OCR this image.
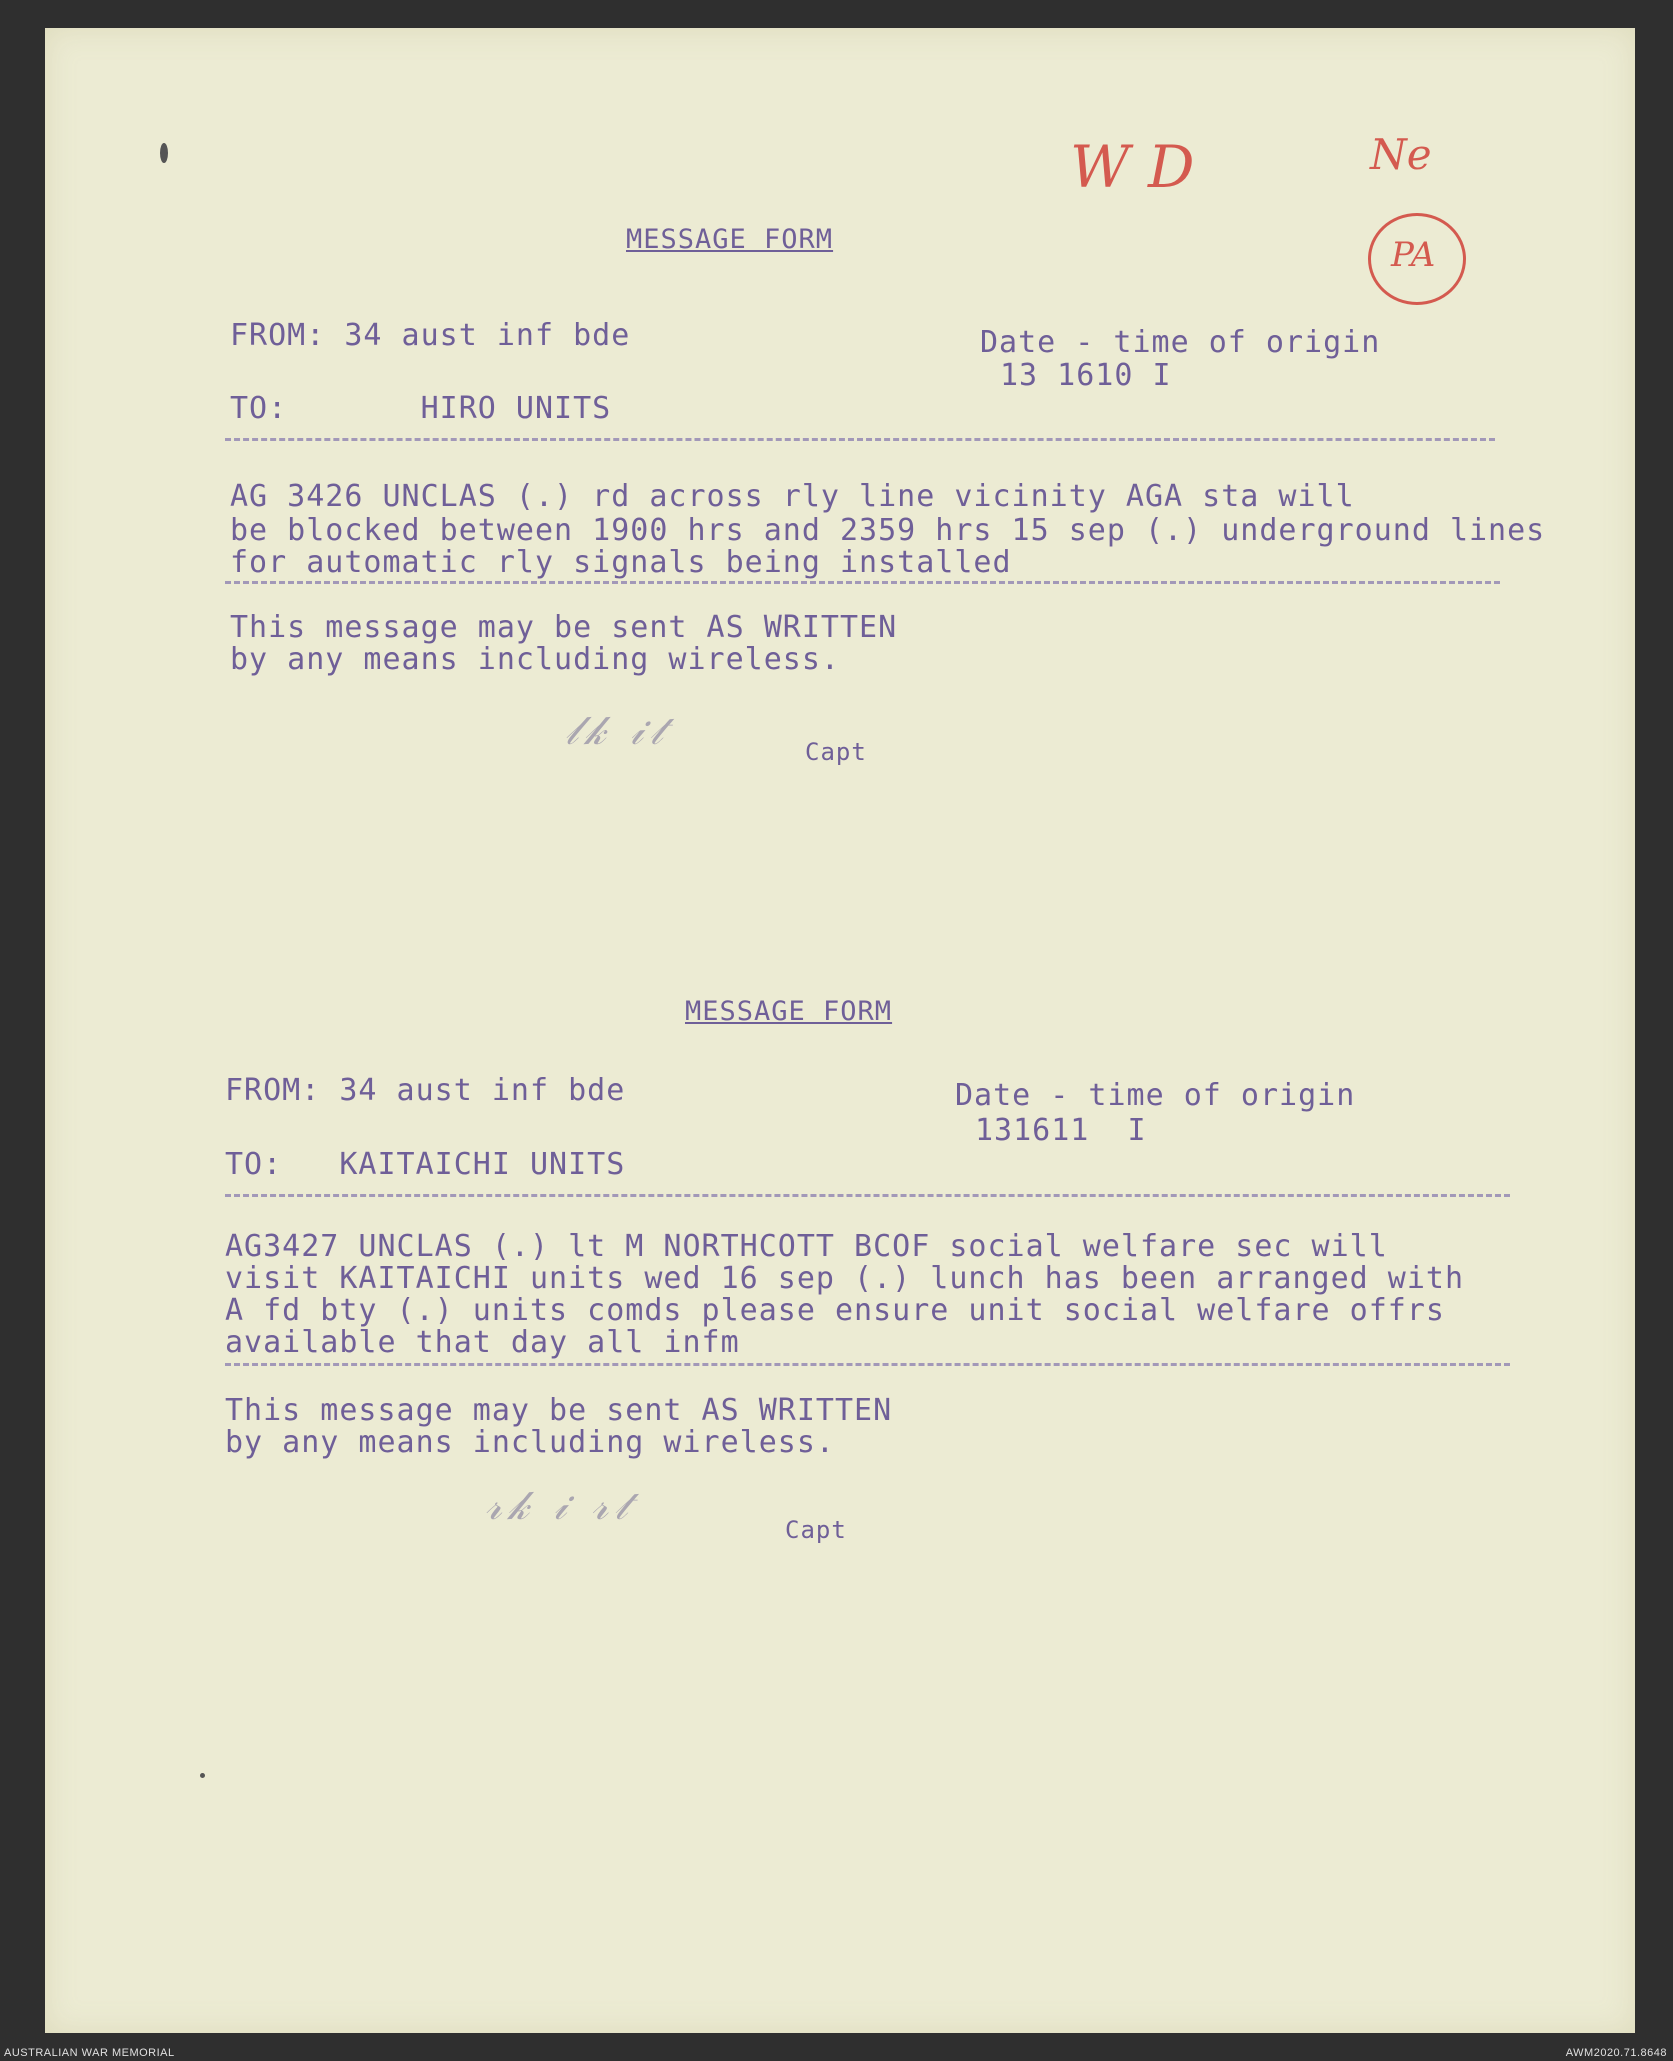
W D	Ne
PA
MESSAGE FORM
FROM: 34 aust inf bde	Date - time of origin
13 1610 I
TO:       HIRO UNITS
AG 3426 UNCLAS (.) rd across rly line vicinity AGA sta will
be blocked between 1900 hrs and 2359 hrs 15 sep (.) underground lines
for automatic rly signals being installed
This message may be sent AS WRITTEN
by any means including wireless.
𝓁𝓀 𝒾𝓉	Capt
MESSAGE FORM
FROM: 34 aust inf bde	Date - time of origin
131611  I
TO:   KAITAICHI UNITS
AG3427 UNCLAS (.) lt M NORTHCOTT BCOF social welfare sec will
visit KAITAICHI units wed 16 sep (.) lunch has been arranged with
A fd bty (.) units comds please ensure unit social welfare offrs
available that day all infm
This message may be sent AS WRITTEN
by any means including wireless.
𝓇𝓀 𝒾 𝓇𝓉
Capt
AUSTRALIAN WAR MEMORIAL	AWM2020.71.8648
